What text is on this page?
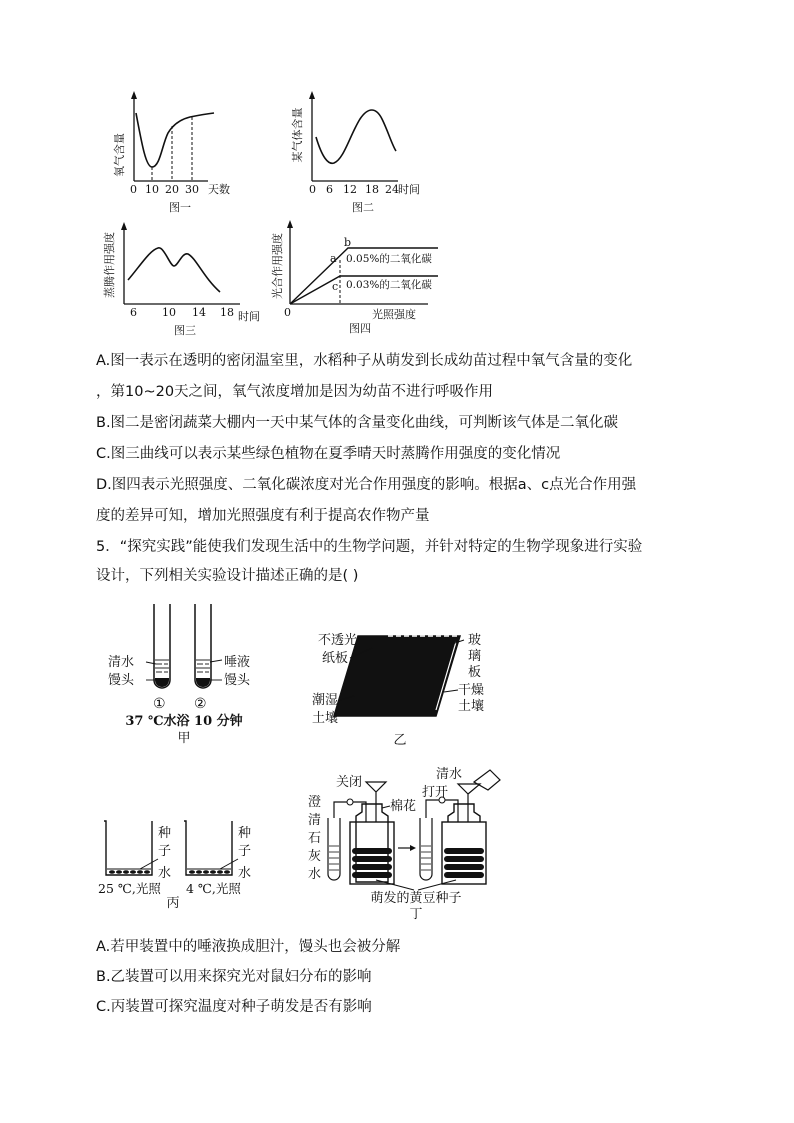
氧气含量
0 10 20 30 天数
图一
某气体含量
0 6 12 18 24 时间
图二
蒸腾作用强度
6 10 14 18 时间
图三
光合作用强度	b
a
c
0.05%的二氧化碳
0.03%的二氧化碳
0	光照强度
图四
A.图一表示在透明的密闭温室里，水稻种子从萌发到长成幼苗过程中氧气含量的变化
，第10~20天之间，氧气浓度增加是因为幼苗不进行呼吸作用
B.图二是密闭蔬菜大棚内一天中某气体的含量变化曲线，可判断该气体是二氧化碳
C.图三曲线可以表示某些绿色植物在夏季晴天时蒸腾作用强度的变化情况
D.图四表示光照强度、二氧化碳浓度对光合作用强度的影响。根据a、c点光合作用强
度的差异可知，增加光照强度有利于提高农作物产量
5．“探究实践”能使我们发现生活中的生物学问题，并针对特定的生物学现象进行实验
设计，下列相关实验设计描述正确的是( )
清水
馒头
唾液
馒头
① ②
37 ℃水浴 10 分钟
甲
不透光
纸板
玻
璃
板
潮湿
土壤
干燥
土壤
乙
种
子
水
种
子
水
25 ℃,光照 4 ℃,光照
丙
澄
清
石
灰
水
关闭
棉花
打开
清水
萌发的黄豆种子
丁
A.若甲装置中的唾液换成胆汁，馒头也会被分解
B.乙装置可以用来探究光对鼠妇分布的影响
C.丙装置可探究温度对种子萌发是否有影响
